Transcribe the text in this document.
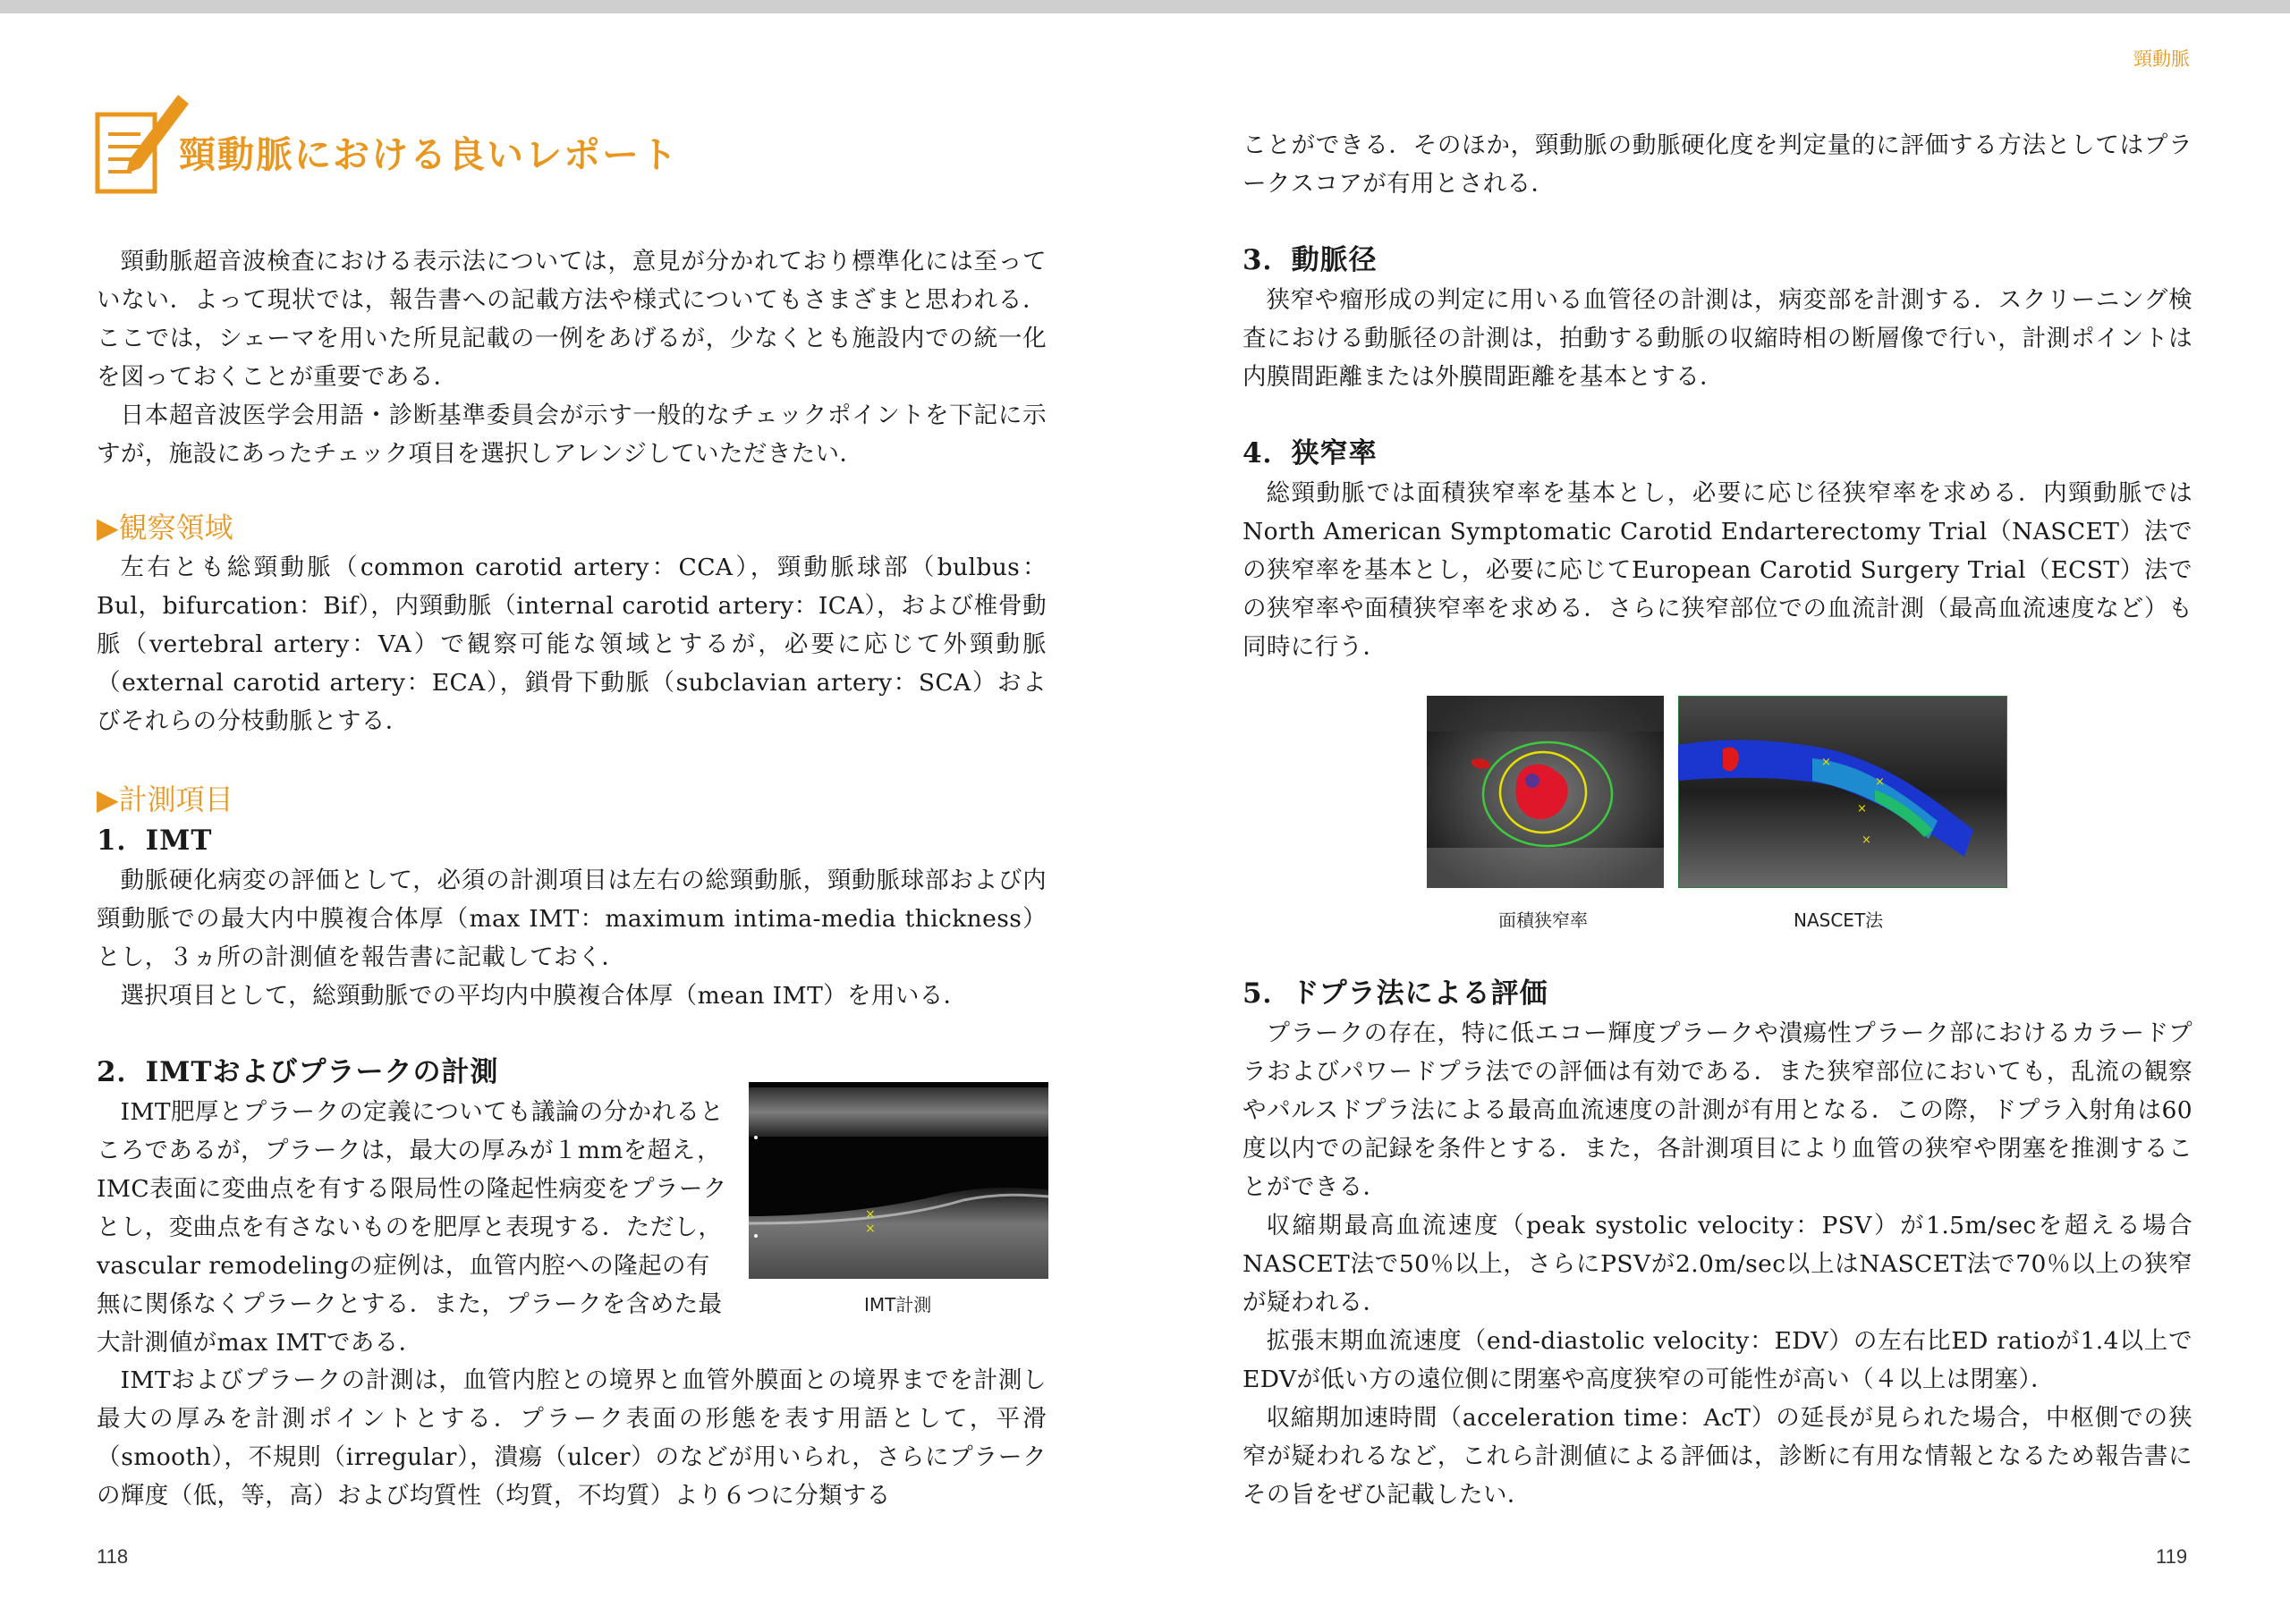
頸動脈
頸動脈における良いレポート

頸動脈超音波検査における表示法については，意見が分かれており標準化には至っていない．よって現状では，報告書への記載方法や様式についてもさまざまと思われる．ここでは，シェーマを用いた所見記載の一例をあげるが，少なくとも施設内での統一化を図っておくことが重要である．

日本超音波医学会用語・診断基準委員会が示す一般的なチェックポイントを下記に示すが，施設にあったチェック項目を選択しアレンジしていただきたい．

▶観察領域

左右とも総頸動脈（common carotid artery：CCA），頸動脈球部（bulbus：Bul，bifurcation：Bif），内頸動脈（internal carotid artery：ICA），および椎骨動脈（vertebral artery：VA）で観察可能な領域とするが，必要に応じて外頸動脈（external carotid artery：ECA），鎖骨下動脈（subclavian artery：SCA）およびそれらの分枝動脈とする．

▶計測項目
1．IMT

動脈硬化病変の評価として，必須の計測項目は左右の総頸動脈，頸動脈球部および内頸動脈での最大内中膜複合体厚（max IMT：maximum intima‐media thickness）とし，３ヵ所の計測値を報告書に記載しておく．

選択項目として，総頸動脈での平均内中膜複合体厚（mean IMT）を用いる．

2．IMTおよびプラークの計測

IMT肥厚とプラークの定義についても議論の分かれるところであるが，プラークは，最大の厚みが１mmを超え，IMC表面に変曲点を有する限局性の隆起性病変をプラークとし，変曲点を有さないものを肥厚と表現する．ただし，vascular remodelingの症例は，血管内腔への隆起の有無に関係なくプラークとする．また，プラークを含めた最大計測値がmax IMTである．

IMTおよびプラークの計測は，血管内腔との境界と血管外膜面との境界までを計測し最大の厚みを計測ポイントとする．プラーク表面の形態を表す用語として，平滑（smooth），不規則（irregular），潰瘍（ulcer）のなどが用いられ，さらにプラークの輝度（低，等，高）および均質性（均質，不均質）より６つに分類する

×
×
IMT計測
118

ことができる．そのほか，頸動脈の動脈硬化度を判定量的に評価する方法としてはプラークスコアが有用とされる．

3．動脈径

狭窄や瘤形成の判定に用いる血管径の計測は，病変部を計測する．スクリーニング検査における動脈径の計測は，拍動する動脈の収縮時相の断層像で行い，計測ポイントは内膜間距離または外膜間距離を基本とする．

4．狭窄率

総頸動脈では面積狭窄率を基本とし，必要に応じ径狭窄率を求める．内頸動脈ではNorth American Symptomatic Carotid Endarterectomy Trial（NASCET）法での狭窄率を基本とし，必要に応じてEuropean Carotid Surgery Trial（ECST）法での狭窄率や面積狭窄率を求める．さらに狭窄部位での血流計測（最高血流速度など）も同時に行う．

面積狭窄率
×
×
×
×
NASCET法
5．ドプラ法による評価

プラークの存在，特に低エコー輝度プラークや潰瘍性プラーク部におけるカラードプラおよびパワードプラ法での評価は有効である．また狭窄部位においても，乱流の観察やパルスドプラ法による最高血流速度の計測が有用となる．この際，ドプラ入射角は60度以内での記録を条件とする．また，各計測項目により血管の狭窄や閉塞を推測することができる．

収縮期最高血流速度（peak systolic velocity：PSV）が1.5m/secを超える場合NASCET法で50％以上，さらにPSVが2.0m/sec以上はNASCET法で70％以上の狭窄が疑われる．

拡張末期血流速度（end-diastolic velocity：EDV）の左右比ED ratioが1.4以上でEDVが低い方の遠位側に閉塞や高度狭窄の可能性が高い（４以上は閉塞）．

収縮期加速時間（acceleration time：AcT）の延長が見られた場合，中枢側での狭窄が疑われるなど，これら計測値による評価は，診断に有用な情報となるため報告書にその旨をぜひ記載したい．

119
